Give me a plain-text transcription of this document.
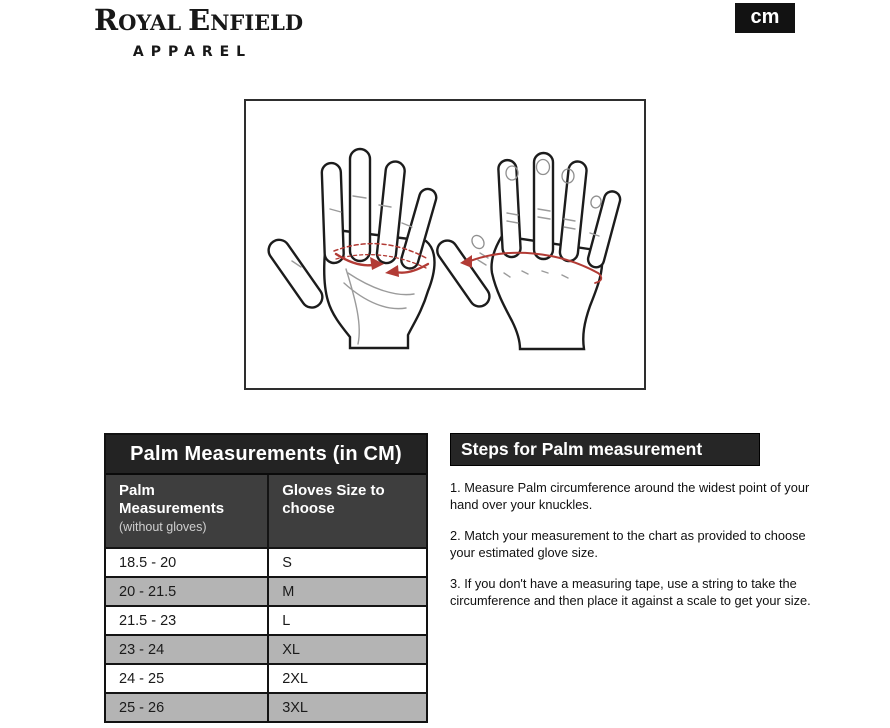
ROYAL ENFIELD
APPAREL
cm
Palm Measurements (in CM)
Palm Measurements
(without gloves)
Gloves Size to choose
18.5 - 20	S
20 - 21.5	M
21.5 - 23	L
23 - 24	XL
24 - 25	2XL
25 - 26	3XL
Steps for Palm measurement
1. Measure Palm circumference around the widest point of your hand over your knuckles.
2. Match your measurement to the chart as provided to choose your estimated glove size.
3. If you don't have a measuring tape, use a string to take the circumference and then place it against a scale to get your size.
